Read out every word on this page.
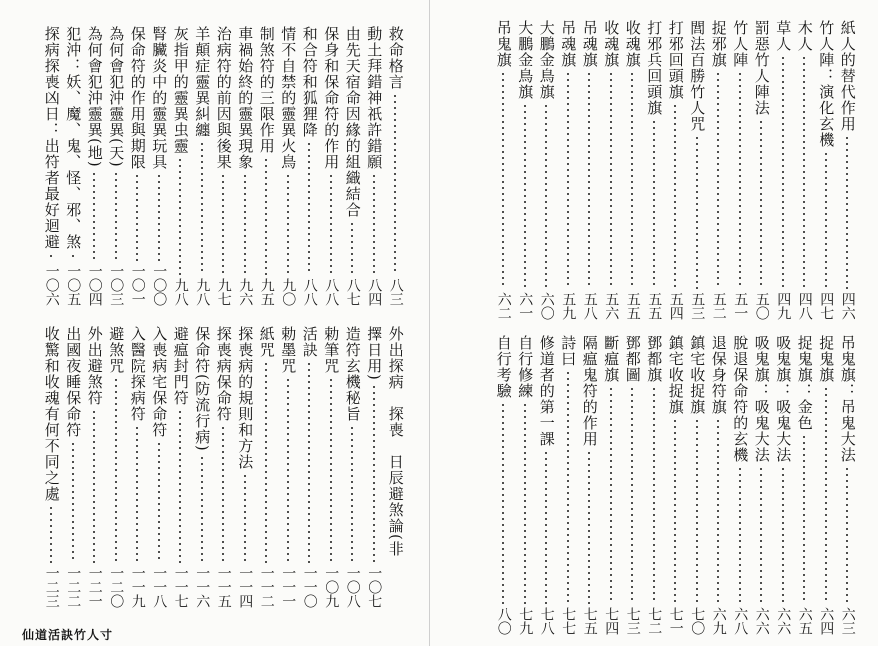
救命格言
八三
動土拜錯神祇許錯願
八四
由先天宿命因緣的組織結合
八七
保身和保命符的作用
八八
和合符和狐狸降
八八
情不自禁的靈異火鳥
九〇
制煞符的三限作用
九五
車禍始終的靈異現象
九六
治病符的前因與後果
九七
羊顛症靈異糾纏
九八
灰指甲的靈異虫靈
九八
腎臟炎中的靈異玩具
一〇〇
保命符的作用與期限
一〇一
為何會犯沖靈異(天)
一〇三
為何會犯沖靈異(地)
一〇四
犯沖：妖、魔、鬼、怪、邪、煞
一〇五
探病探喪凶日：出符者最好迴避
一〇六
外出探病　探喪　日辰避煞論(非
擇日用)
一〇七
造符玄機秘旨
一〇八
勅筆咒
一〇九
活訣
一一〇
勅墨咒
一一一
紙咒
一一二
探喪病的規則和方法
一一四
探喪病保命符
一一五
保命符(防流行病)
一一六
避瘟封門符
一一七
入喪病宅保命符
一一八
入醫院探病符
一一九
避煞咒
一二〇
外出避煞符
一二一
出國夜睡保命符
一二二
收驚和收魂有何不同之處
一二三
仙道活訣竹人寸
紙人的替代作用
四六
竹人陣：演化玄機
四七
木人
四八
草人
四九
罰惡竹人陣法
五〇
竹人陣
五一
捉邪旗
五二
閭法百勝竹人咒
五三
打邪回頭旗
五四
打邪兵回頭旗
五五
收魂旗
五五
收魂旗
五六
吊魂旗
五八
吊魂旗
五九
大鵬金鳥旗
六〇
大鵬金鳥旗
六一
吊鬼旗
六二
吊鬼旗：吊鬼大法
六三
捉鬼旗
六四
捉鬼旗：金色
六五
吸鬼旗：吸鬼大法
六六
吸鬼旗：吸鬼大法
六六
脫退保命符的玄機
六八
退保身符旗
六九
鎮宅收捉旗
七〇
鎮宅收捉旗
七一
鄧都旗
七二
鄧都圖
七三
斷瘟旗
七四
隔瘟鬼符的作用
七五
詩曰
七七
修道者的第一課
七八
自行修練
七九
自行考驗
八〇
